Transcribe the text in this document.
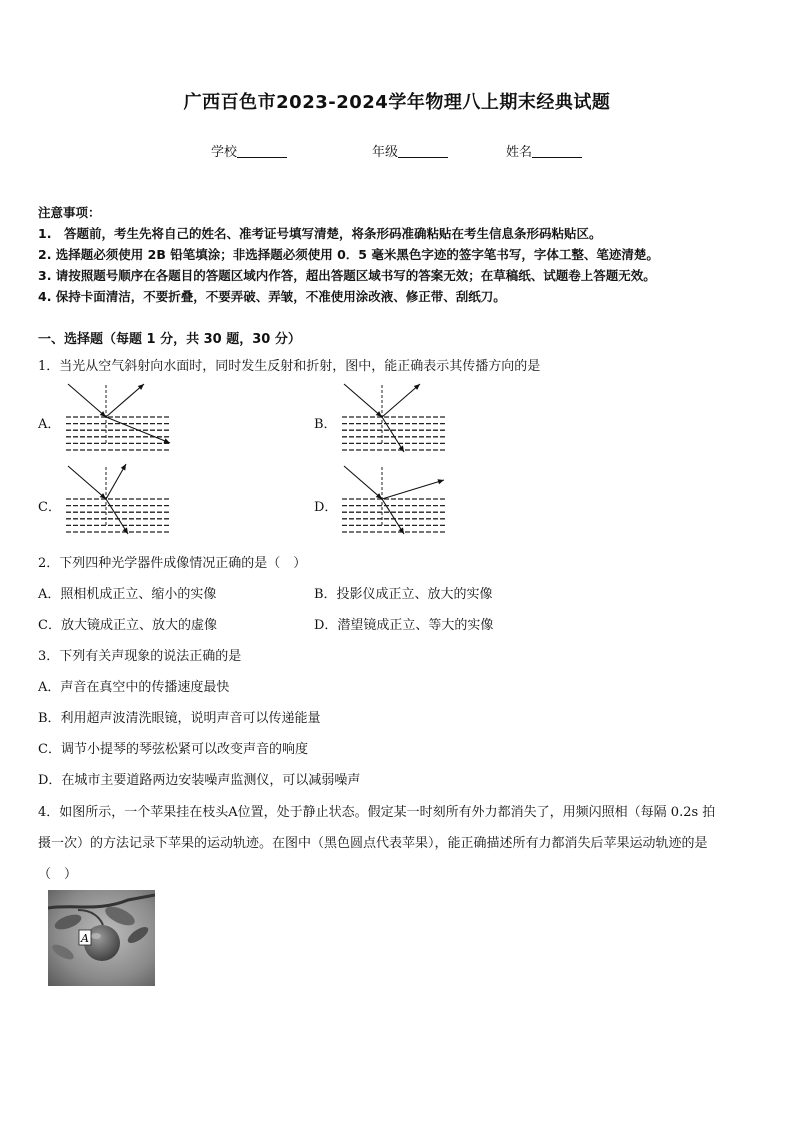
广西百色市2023-2024学年物理八上期末经典试题
学校	年级	姓名
注意事项：
1.　答题前，考生先将自己的姓名、准考证号填写清楚，将条形码准确粘贴在考生信息条形码粘贴区。
2. 选择题必须使用 2B 铅笔填涂；非选择题必须使用 0．5 毫米黑色字迹的签字笔书写，字体工整、笔迹清楚。
3. 请按照题号顺序在各题目的答题区域内作答，超出答题区域书写的答案无效；在草稿纸、试题卷上答题无效。
4. 保持卡面清洁，不要折叠，不要弄破、弄皱，不准使用涂改液、修正带、刮纸刀。
一、选择题（每题 1 分，共 30 题，30 分）
1．当光从空气斜射向水面时，同时发生反射和折射，图中，能正确表示其传播方向的是
A．	B．
C．	D．
2．下列四种光学器件成像情况正确的是（　）
A．照相机成正立、缩小的实像	B．投影仪成正立、放大的实像
C．放大镜成正立、放大的虚像	D．潜望镜成正立、等大的实像
3．下列有关声现象的说法正确的是
A．声音在真空中的传播速度最快
B．利用超声波清洗眼镜，说明声音可以传递能量
C．调节小提琴的琴弦松紧可以改变声音的响度
D．在城市主要道路两边安装噪声监测仪，可以减弱噪声
4．如图所示，一个苹果挂在枝头A位置，处于静止状态。假定某一时刻所有外力都消失了，用频闪照相（每隔 0.2s 拍
摄一次）的方法记录下苹果的运动轨迹。在图中（黑色圆点代表苹果），能正确描述所有力都消失后苹果运动轨迹的是
（　）
A
